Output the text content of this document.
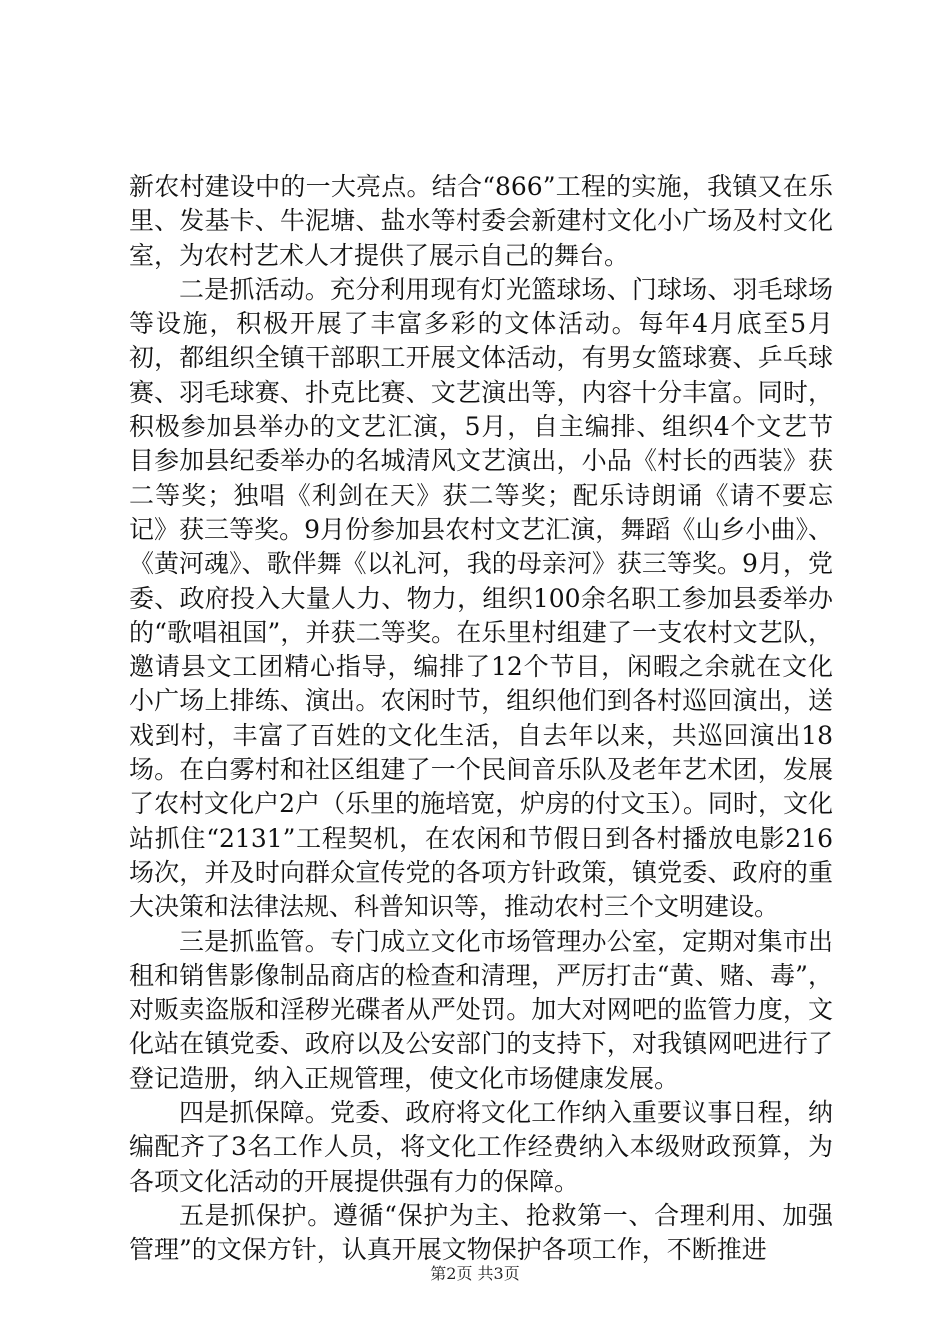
新农村建设中的一大亮点。结合“866”工程的实施，我镇又在乐里、发基卡、牛泥塘、盐水等村委会新建村文化小广场及村文化室，为农村艺术人才提供了展示自己的舞台。

二是抓活动。充分利用现有灯光篮球场、门球场、羽毛球场等设施，积极开展了丰富多彩的文体活动。每年4月底至5月初，都组织全镇干部职工开展文体活动，有男女篮球赛、乒乓球赛、羽毛球赛、扑克比赛、文艺演出等，内容十分丰富。同时，积极参加县举办的文艺汇演，5月，自主编排、组织4个文艺节目参加县纪委举办的名城清风文艺演出，小品《村长的西装》获二等奖；独唱《利剑在天》获二等奖；配乐诗朗诵《请不要忘记》获三等奖。9月份参加县农村文艺汇演，舞蹈《山乡小曲》、《黄河魂》、歌伴舞《以礼河，我的母亲河》获三等奖。9月，党委、政府投入大量人力、物力，组织100余名职工参加县委举办的“歌唱祖国”，并获二等奖。在乐里村组建了一支农村文艺队，邀请县文工团精心指导，编排了12个节目，闲暇之余就在文化小广场上排练、演出。农闲时节，组织他们到各村巡回演出，送戏到村，丰富了百姓的文化生活，自去年以来，共巡回演出18场。在白雾村和社区组建了一个民间音乐队及老年艺术团，发展了农村文化户2户（乐里的施培宽，炉房的付文玉）。同时，文化站抓住“2131”工程契机，在农闲和节假日到各村播放电影216场次，并及时向群众宣传党的各项方针政策，镇党委、政府的重大决策和法律法规、科普知识等，推动农村三个文明建设。

三是抓监管。专门成立文化市场管理办公室，定期对集市出租和销售影像制品商店的检查和清理，严厉打击“黄、赌、毒”，对贩卖盗版和淫秽光碟者从严处罚。加大对网吧的监管力度，文化站在镇党委、政府以及公安部门的支持下，对我镇网吧进行了登记造册，纳入正规管理，使文化市场健康发展。

四是抓保障。党委、政府将文化工作纳入重要议事日程，纳编配齐了3名工作人员，将文化工作经费纳入本级财政预算，为各项文化活动的开展提供强有力的保障。

五是抓保护。遵循“保护为主、抢救第一、合理利用、加强管理”的文保方针，认真开展文物保护各项工作，不断推进

第2页 共3页
